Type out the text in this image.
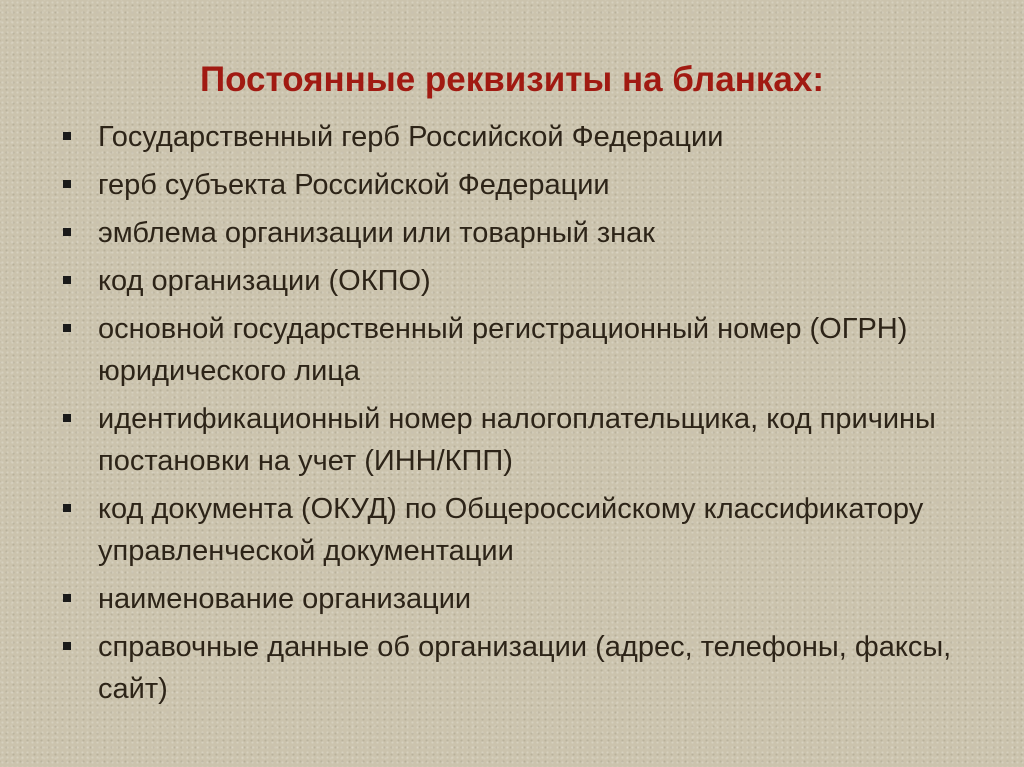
Постоянные реквизиты на бланках:
Государственный герб Российской Федерации
герб субъекта Российской Федерации
эмблема организации или товарный знак
код организации (ОКПО)
основной государственный регистрационный номер (ОГРН) юридического лица
идентификационный номер налогоплательщика, код причины постановки на учет (ИНН/КПП)
код документа (ОКУД) по Общероссийскому классификатору управленческой документации
наименование организации
справочные данные об организации (адрес, телефоны, факсы, сайт)
